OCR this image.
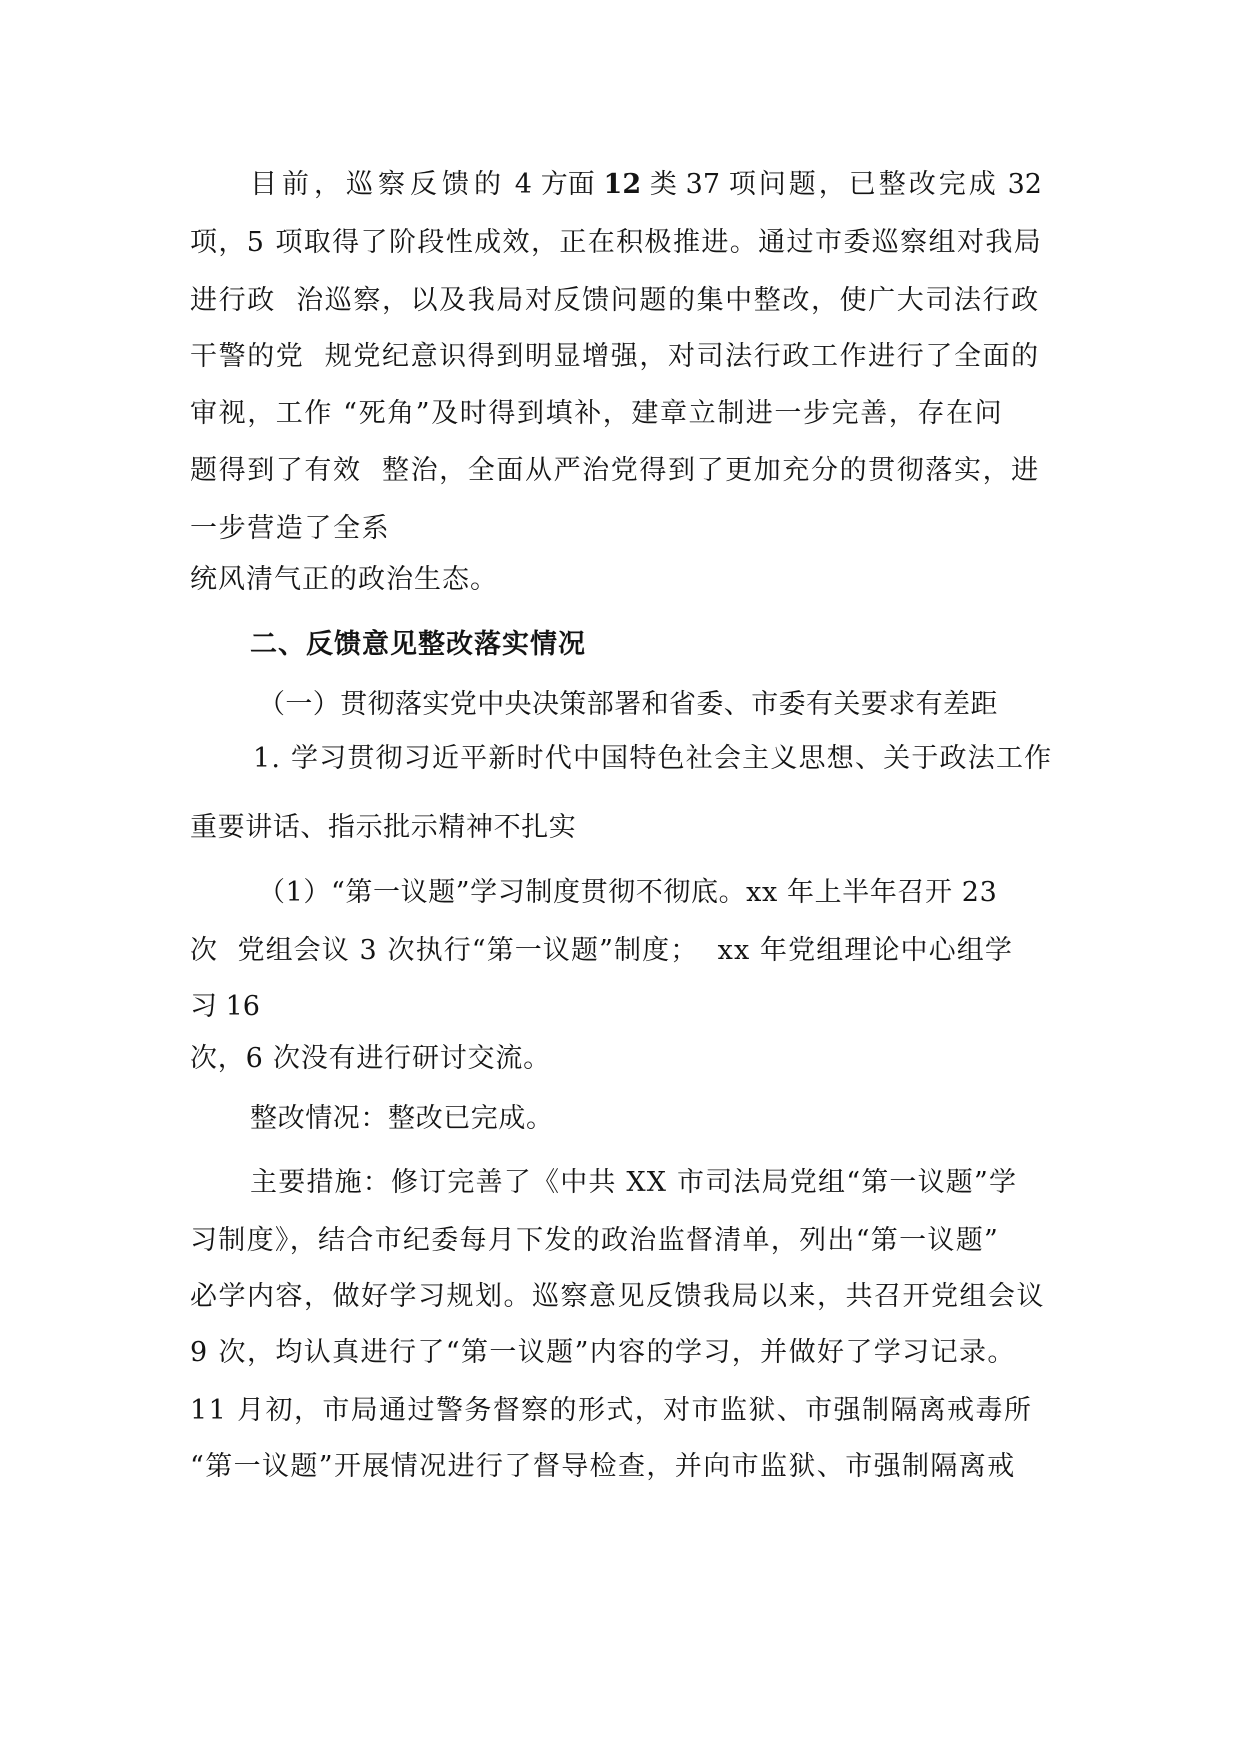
目前，巡察反馈的 4 方面 12 类 37 项问题，已整改完成 32
项，5 项取得了阶段性成效，正在积极推进。通过市委巡察组对我局
进行政  治巡察，以及我局对反馈问题的集中整改，使广大司法行政
干警的党  规党纪意识得到明显增强，对司法行政工作进行了全面的
审视，工作 “死角”及时得到填补，建章立制进一步完善，存在问
题得到了有效  整治，全面从严治党得到了更加充分的贯彻落实，进
一步营造了全系
统风清气正的政治生态。
二、反馈意见整改落实情况
（一）贯彻落实党中央决策部署和省委、市委有关要求有差距
1. 学习贯彻习近平新时代中国特色社会主义思想、关于政法工作
重要讲话、指示批示精神不扎实
（1）“第一议题”学习制度贯彻不彻底。xx 年上半年召开 23
次  党组会议 3 次执行“第一议题”制度；  xx 年党组理论中心组学
习 16
次，6 次没有进行研讨交流。
整改情况：整改已完成。
主要措施：修订完善了《中共 XX 市司法局党组“第一议题”学
习制度》，结合市纪委每月下发的政治监督清单，列出“第一议题”
必学内容，做好学习规划。巡察意见反馈我局以来，共召开党组会议
9 次，均认真进行了“第一议题”内容的学习，并做好了学习记录。
11 月初，市局通过警务督察的形式，对市监狱、市强制隔离戒毒所
“第一议题”开展情况进行了督导检查，并向市监狱、市强制隔离戒
